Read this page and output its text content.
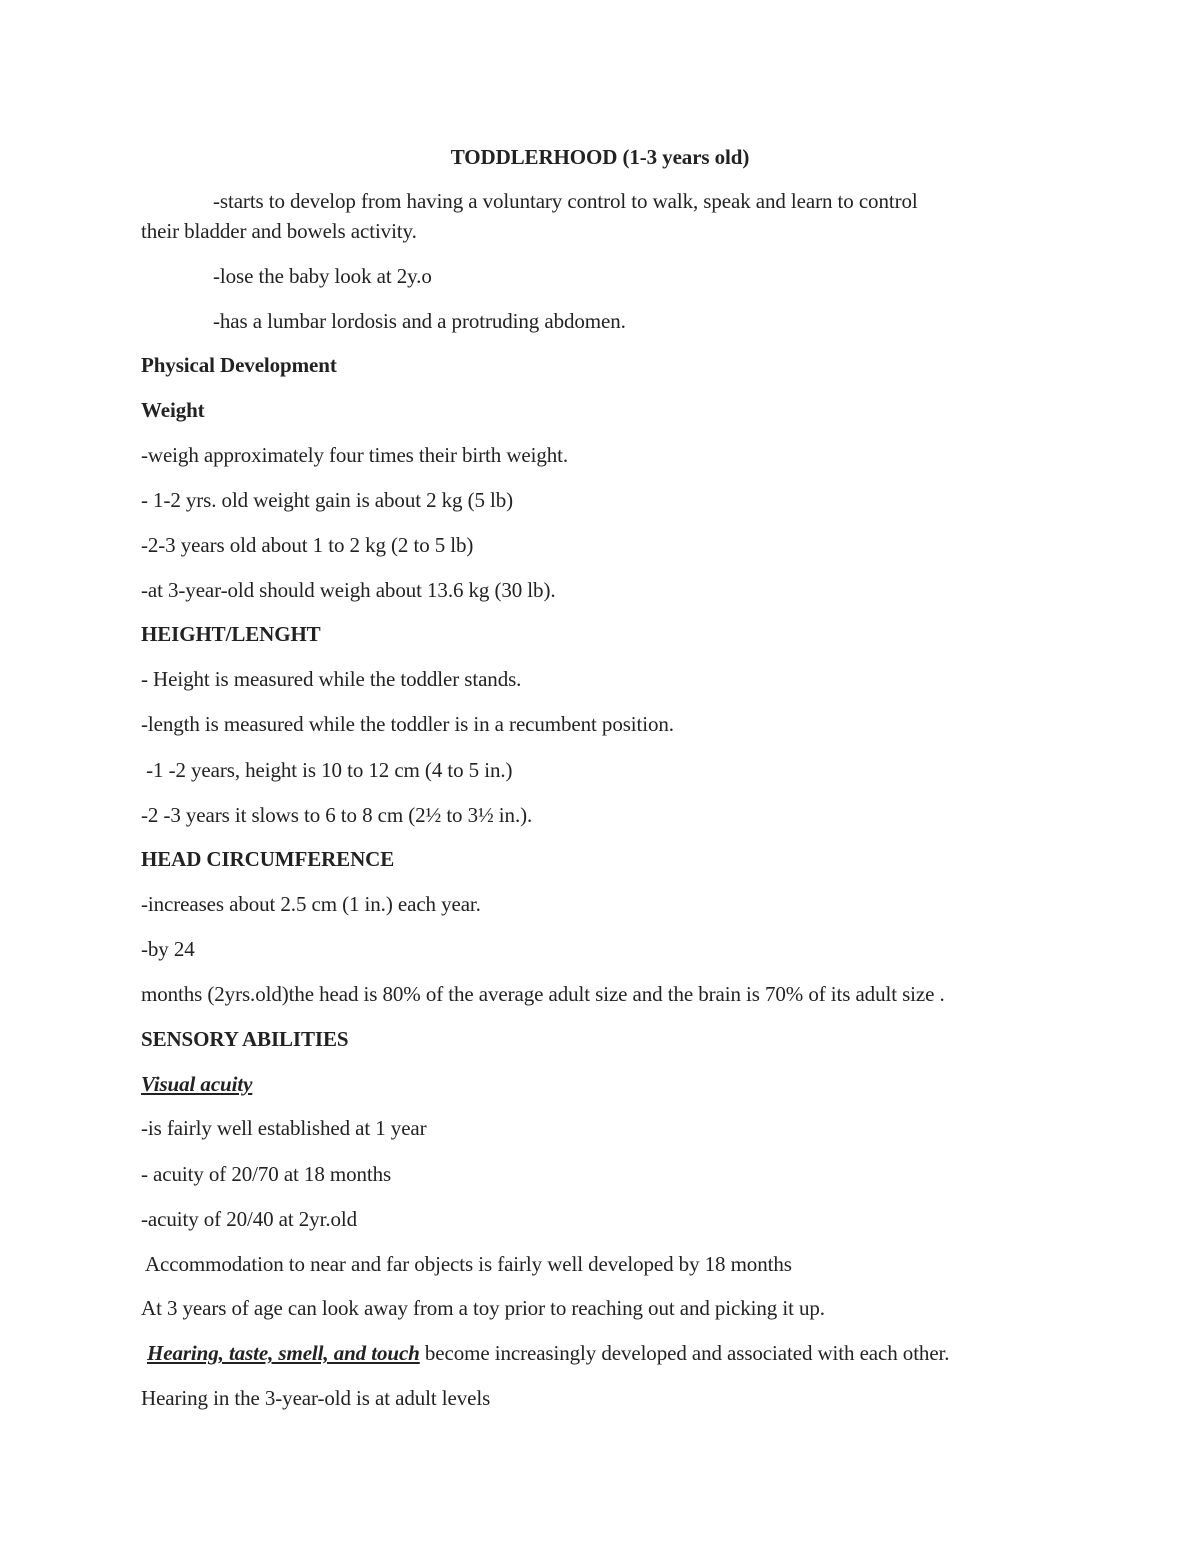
TODDLERHOOD (1-3 years old)
-starts to develop from having a voluntary control to walk, speak and learn to control
their bladder and bowels activity.
-lose the baby look at 2y.o
-has a lumbar lordosis and a protruding abdomen.
Physical Development
Weight
-weigh approximately four times their birth weight.
- 1-2 yrs. old weight gain is about 2 kg (5 lb)
-2-3 years old about 1 to 2 kg (2 to 5 lb)
-at 3-year-old should weigh about 13.6 kg (30 lb).
HEIGHT/LENGHT
- Height is measured while the toddler stands.
-length is measured while the toddler is in a recumbent position.
-1 -2 years, height is 10 to 12 cm (4 to 5 in.)
-2 -3 years it slows to 6 to 8 cm (2½ to 3½ in.).
HEAD CIRCUMFERENCE
-increases about 2.5 cm (1 in.) each year.
-by 24
months (2yrs.old)the head is 80% of the average adult size and the brain is 70% of its adult size .
SENSORY ABILITIES
Visual acuity
-is fairly well established at 1 year
- acuity of 20/70 at 18 months
-acuity of 20/40 at 2yr.old
Accommodation to near and far objects is fairly well developed by 18 months
At 3 years of age can look away from a toy prior to reaching out and picking it up.
Hearing, taste, smell, and touch become increasingly developed and associated with each other.
Hearing in the 3-year-old is at adult levels
